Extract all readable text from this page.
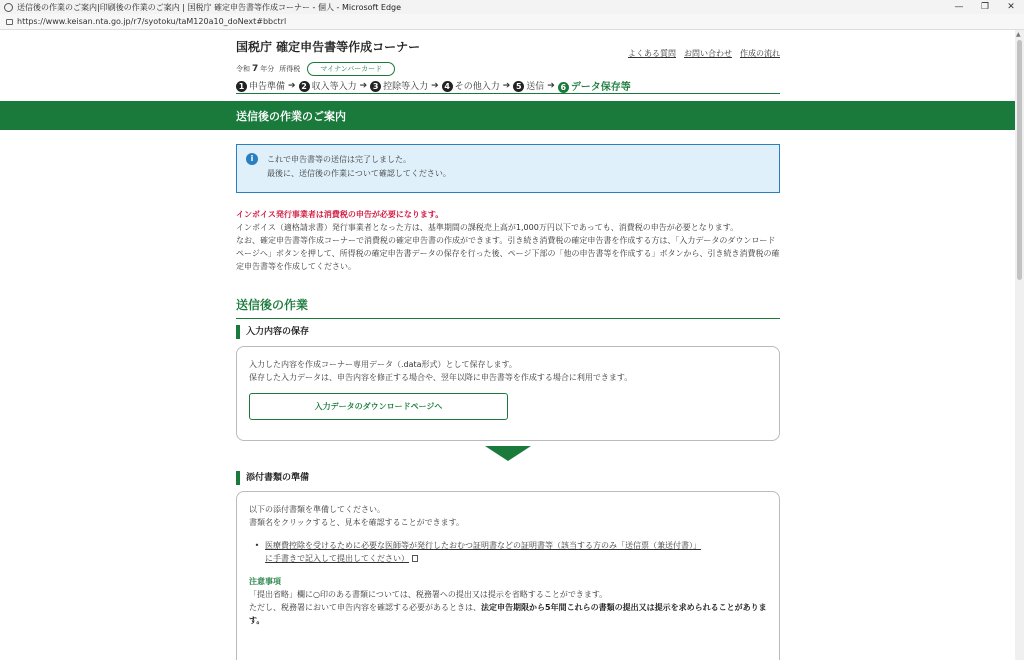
送信後の作業のご案内|印刷後の作業のご案内 | 国税庁 確定申告書等作成コーナー - 個人 - Microsoft Edge	—	❐	✕
https://www.keisan.nta.go.jp/r7/syotoku/taM120a10_doNext#bbctrl
国税庁 確定申告書等作成コーナー
令和 7 年分 所得税	マイナンバーカード
よくある質問 お問い合わせ 作成の流れ
1 申告準備 ➔ 2 収入等入力 ➔ 3 控除等入力 ➔ 4 その他入力 ➔ 5 送信 ➔ 6 データ保存等
送信後の作業のご案内
i	これで申告書等の送信は完了しました。
最後に、送信後の作業について確認してください。
インボイス発行事業者は消費税の申告が必要になります。
インボイス（適格請求書）発行事業者となった方は、基準期間の課税売上高が1,000万円以下であっても、消費税の申告が必要となります。
なお、確定申告書等作成コーナーで消費税の確定申告書の作成ができます。引き続き消費税の確定申告書を作成する方は、「入力データのダウンロードページへ」ボタンを押して、所得税の確定申告書データの保存を行った後、ページ下部の「他の申告書等を作成する」ボタンから、引き続き消費税の確定申告書等を作成してください。
送信後の作業
入力内容の保存
入力した内容を作成コーナー専用データ（.data形式）として保存します。
保存した入力データは、申告内容を修正する場合や、翌年以降に申告書等を作成する場合に利用できます。
入力データのダウンロードページへ
添付書類の準備
以下の添付書類を準備してください。
書類名をクリックすると、見本を確認することができます。
• 医療費控除を受けるために必要な医師等が発行したおむつ証明書などの証明書等（該当する方のみ「送信票（兼送付書）」
に手書きで記入して提出してください）
注意事項
「提出省略」欄に○印のある書類については、税務署への提出又は提示を省略することができます。
ただし、税務署において申告内容を確認する必要があるときは、法定申告期限から5年間これらの書類の提出又は提示を求められることがあります。
▲
